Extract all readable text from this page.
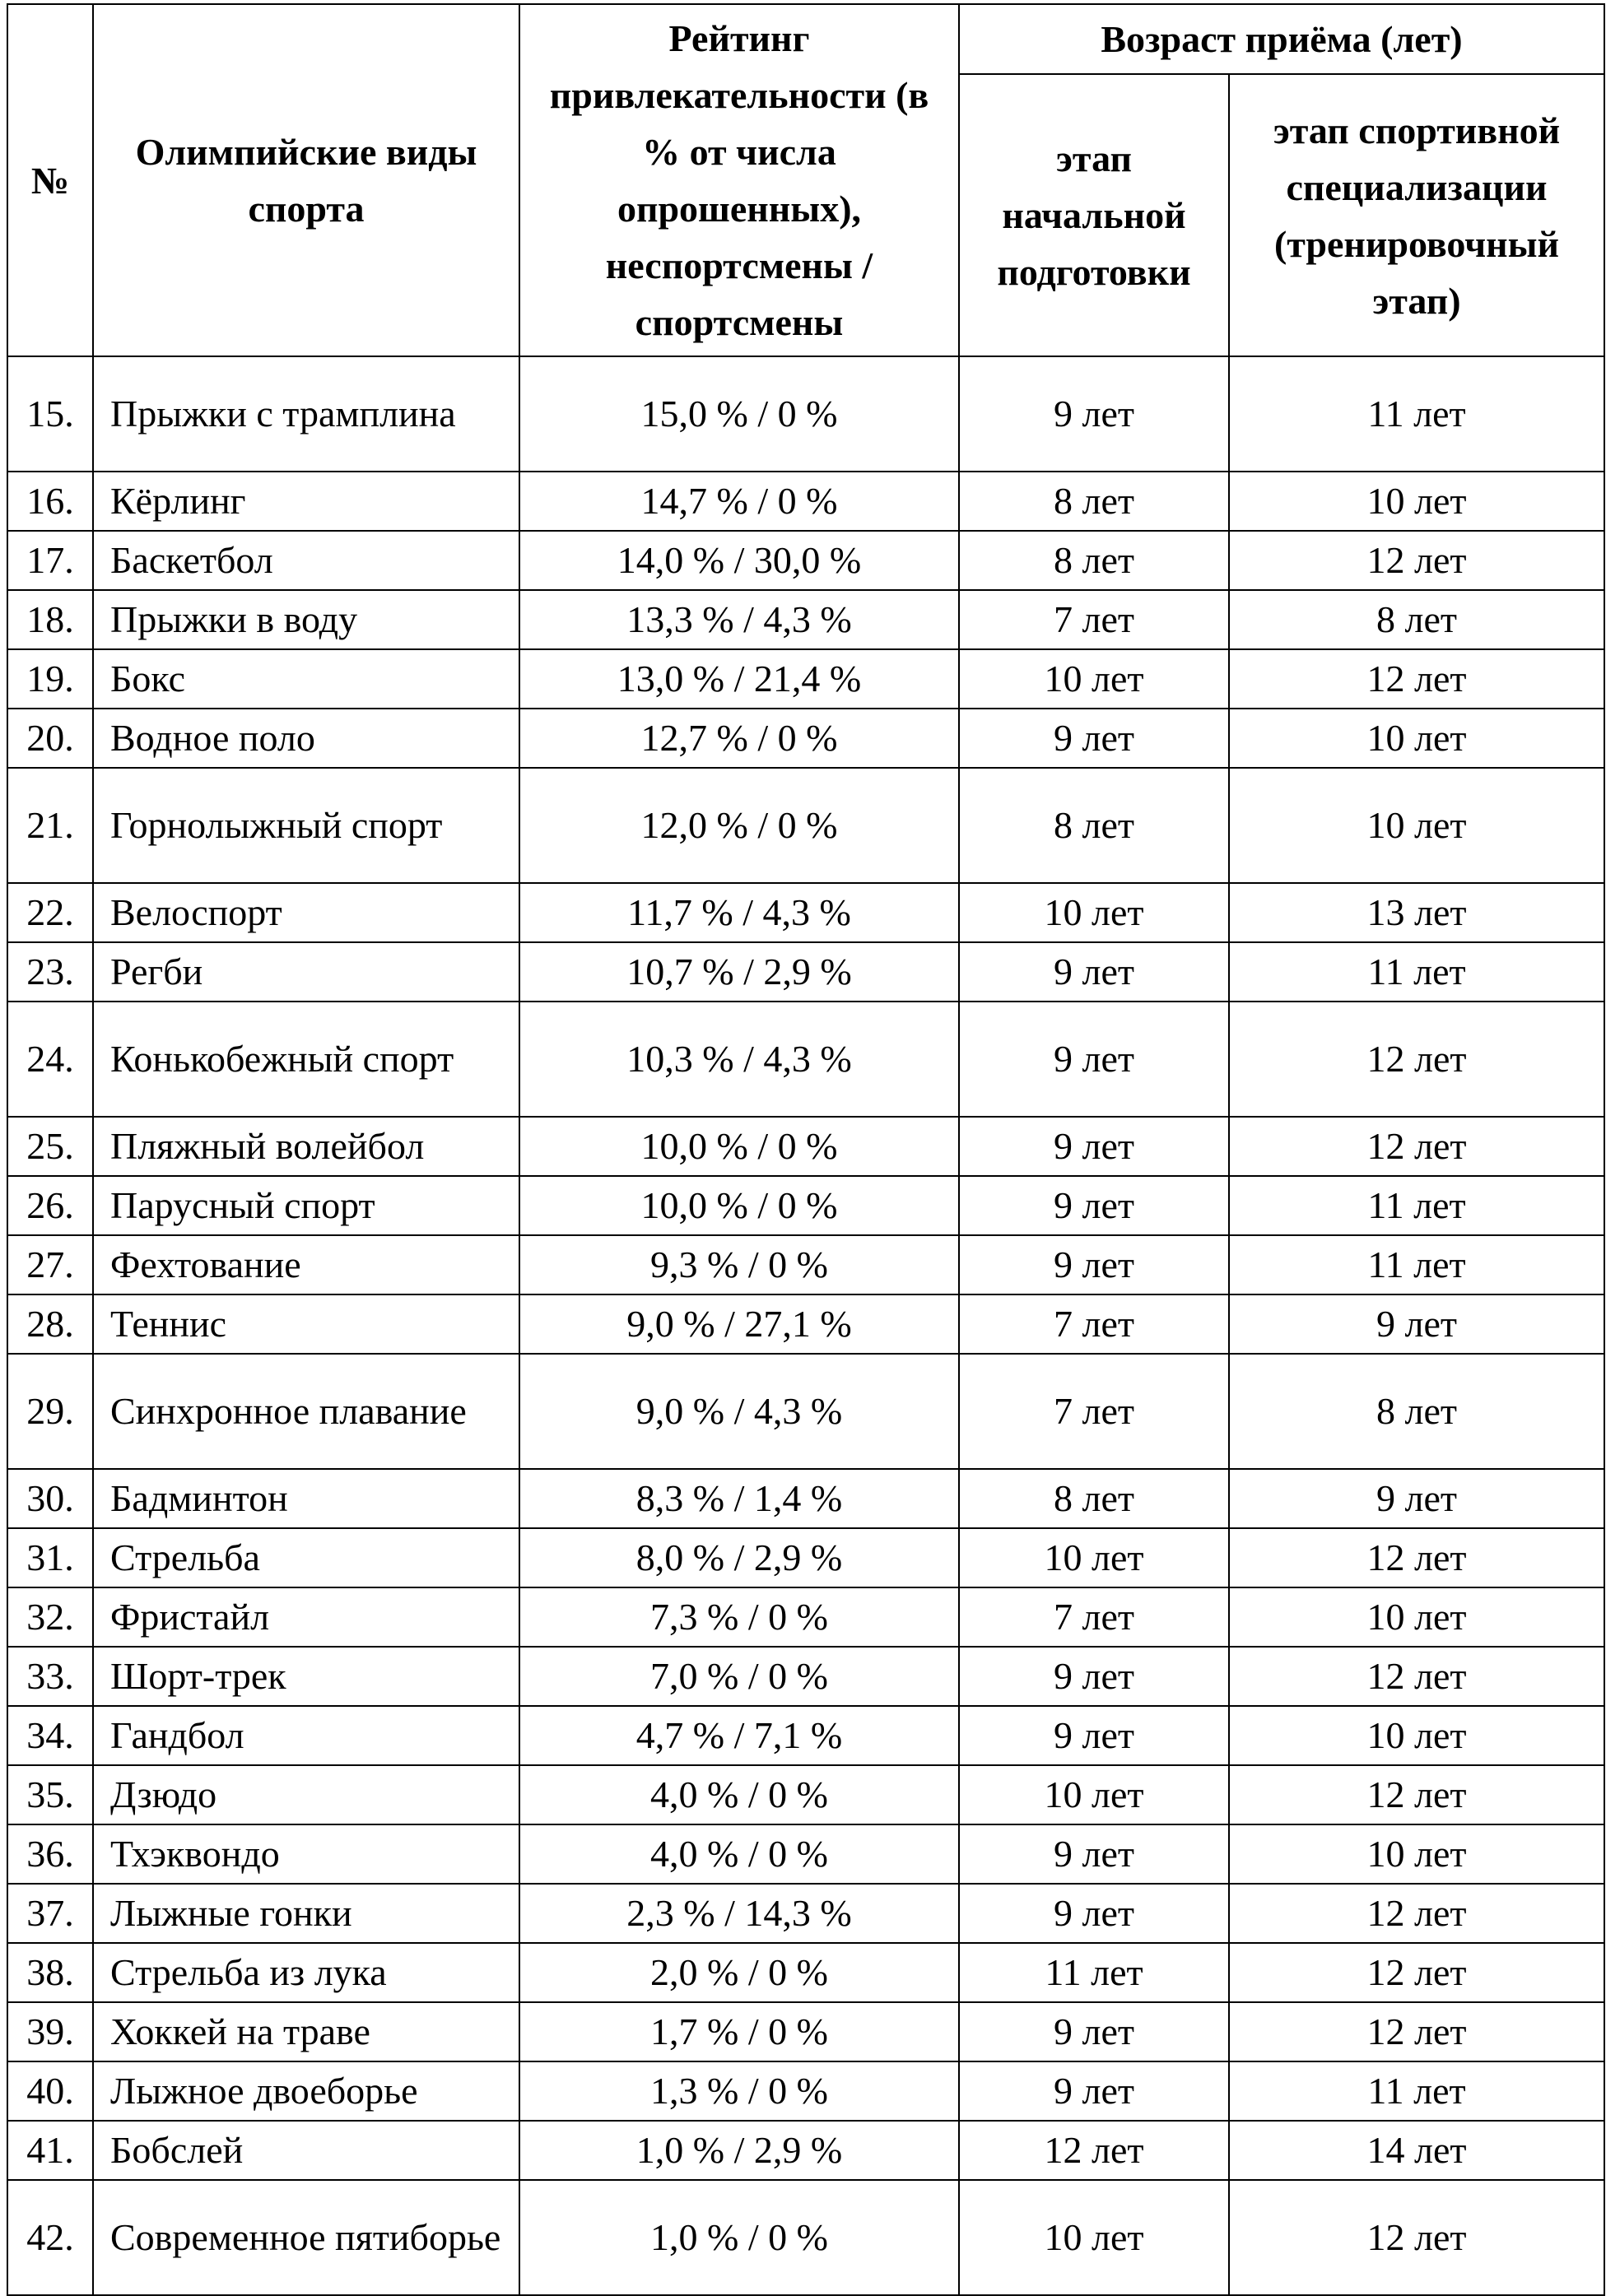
№	Олимпийские виды спорта	Рейтинг привлекательности (в % от числа опрошенных), неспортсмены / спортсмены	Возраст приёма (лет)	
			этап начальной подготовки	этап спортивной специализации (тренировочный этап)
15.	Прыжки с трамплина	15,0 % / 0 %	9 лет	11 лет
16.	Кёрлинг	14,7 % / 0 %	8 лет	10 лет
17.	Баскетбол	14,0 % / 30,0 %	8 лет	12 лет
18.	Прыжки в воду	13,3 % / 4,3 %	7 лет	8 лет
19.	Бокс	13,0 % / 21,4 %	10 лет	12 лет
20.	Водное поло	12,7 % / 0 %	9 лет	10 лет
21.	Горнолыжный спорт	12,0 % / 0 %	8 лет	10 лет
22.	Велоспорт	11,7 % / 4,3 %	10 лет	13 лет
23.	Регби	10,7 % / 2,9 %	9 лет	11 лет
24.	Конькобежный спорт	10,3 % / 4,3 %	9 лет	12 лет
25.	Пляжный волейбол	10,0 % / 0 %	9 лет	12 лет
26.	Парусный спорт	10,0 % / 0 %	9 лет	11 лет
27.	Фехтование	9,3 % / 0 %	9 лет	11 лет
28.	Теннис	9,0 % / 27,1 %	7 лет	9 лет
29.	Синхронное плавание	9,0 % / 4,3 %	7 лет	8 лет
30.	Бадминтон	8,3 % / 1,4 %	8 лет	9 лет
31.	Стрельба	8,0 % / 2,9 %	10 лет	12 лет
32.	Фристайл	7,3 % / 0 %	7 лет	10 лет
33.	Шорт-трек	7,0 % / 0 %	9 лет	12 лет
34.	Гандбол	4,7 % / 7,1 %	9 лет	10 лет
35.	Дзюдо	4,0 % / 0 %	10 лет	12 лет
36.	Тхэквондо	4,0 % / 0 %	9 лет	10 лет
37.	Лыжные гонки	2,3 % / 14,3 %	9 лет	12 лет
38.	Стрельба из лука	2,0 % / 0 %	11 лет	12 лет
39.	Хоккей на траве	1,7 % / 0 %	9 лет	12 лет
40.	Лыжное двоеборье	1,3 % / 0 %	9 лет	11 лет
41.	Бобслей	1,0 % / 2,9 %	12 лет	14 лет
42.	Современное пятиборье	1,0 % / 0 %	10 лет	12 лет
